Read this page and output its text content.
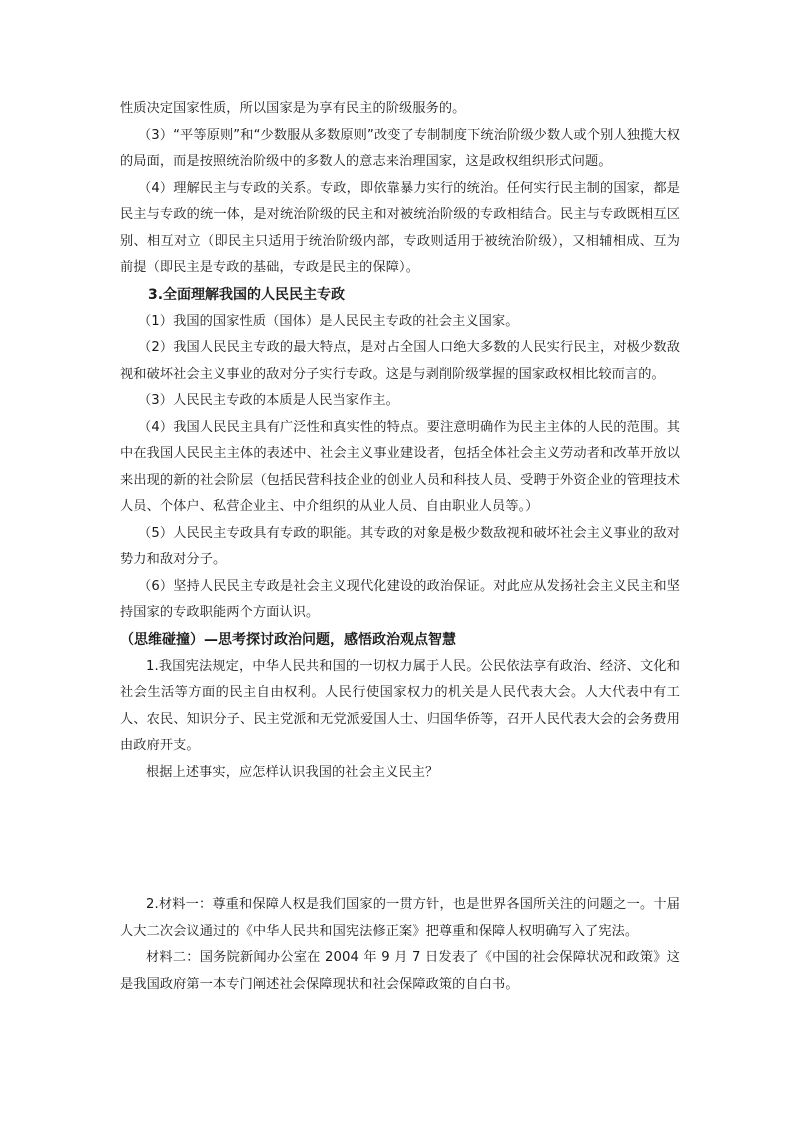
性质决定国家性质，所以国家是为享有民主的阶级服务的。

（3）“平等原则”和“少数服从多数原则”改变了专制制度下统治阶级少数人或个别人独揽大权的局面，而是按照统治阶级中的多数人的意志来治理国家，这是政权组织形式问题。

（4）理解民主与专政的关系。专政，即依靠暴力实行的统治。任何实行民主制的国家，都是民主与专政的统一体，是对统治阶级的民主和对被统治阶级的专政相结合。民主与专政既相互区别、相互对立（即民主只适用于统治阶级内部，专政则适用于被统治阶级），又相辅相成、互为前提（即民主是专政的基础，专政是民主的保障）。

3.全面理解我国的人民民主专政

（1）我国的国家性质（国体）是人民民主专政的社会主义国家。

（2）我国人民民主专政的最大特点，是对占全国人口绝大多数的人民实行民主，对极少数敌视和破坏社会主义事业的敌对分子实行专政。这是与剥削阶级掌握的国家政权相比较而言的。

（3）人民民主专政的本质是人民当家作主。

（4）我国人民民主具有广泛性和真实性的特点。要注意明确作为民主主体的人民的范围。其中在我国人民民主主体的表述中、社会主义事业建设者，包括全体社会主义劳动者和改革开放以来出现的新的社会阶层（包括民营科技企业的创业人员和科技人员、受聘于外资企业的管理技术人员、个体户、私营企业主、中介组织的从业人员、自由职业人员等。）

（5）人民民主专政具有专政的职能。其专政的对象是极少数敌视和破坏社会主义事业的敌对势力和敌对分子。

（6）坚持人民民主专政是社会主义现代化建设的政治保证。对此应从发扬社会主义民主和坚持国家的专政职能两个方面认识。

（思维碰撞）—思考探讨政治问题，感悟政治观点智慧

1.我国宪法规定，中华人民共和国的一切权力属于人民。公民依法享有政治、经济、文化和社会生活等方面的民主自由权利。人民行使国家权力的机关是人民代表大会。人大代表中有工人、农民、知识分子、民主党派和无党派爱国人士、归国华侨等，召开人民代表大会的会务费用由政府开支。

根据上述事实，应怎样认识我国的社会主义民主？

2.材料一：尊重和保障人权是我们国家的一贯方针，也是世界各国所关注的问题之一。十届人大二次会议通过的《中华人民共和国宪法修正案》把尊重和保障人权明确写入了宪法。

材料二：国务院新闻办公室在 2004 年 9 月 7 日发表了《中国的社会保障状况和政策》这是我国政府第一本专门阐述社会保障现状和社会保障政策的自白书。
